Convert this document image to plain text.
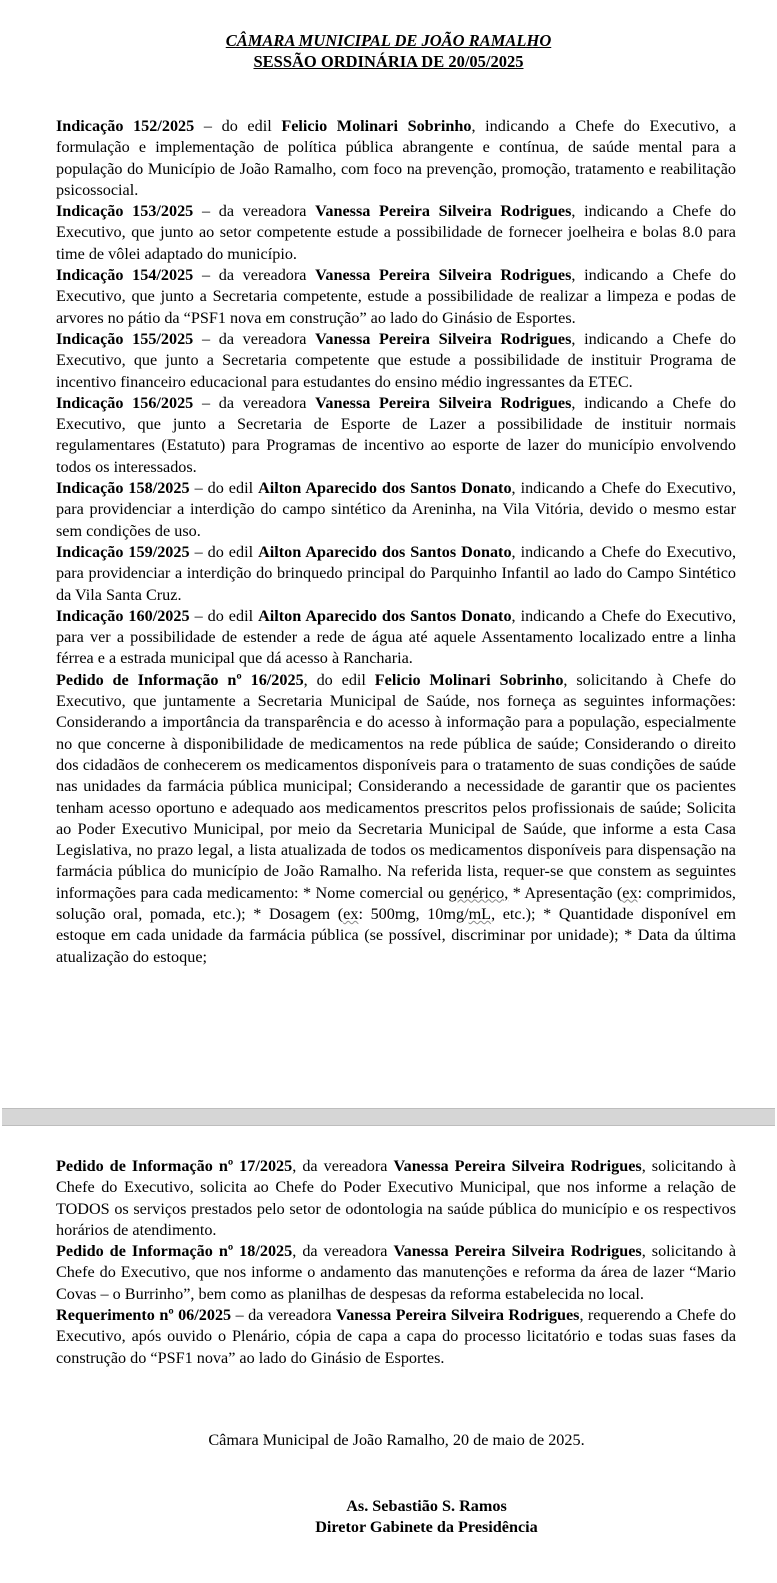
CÂMARA MUNICIPAL DE JOÃO RAMALHO
SESSÃO ORDINÁRIA DE 20/05/2025

Indicação 152/2025 – do edil Felicio Molinari Sobrinho, indicando a Chefe do Executivo, a formulação e implementação de política pública abrangente e contínua, de saúde mental para a população do Município de João Ramalho, com foco na prevenção, promoção, tratamento e reabilitação psicossocial.

Indicação 153/2025 – da vereadora Vanessa Pereira Silveira Rodrigues, indicando a Chefe do Executivo, que junto ao setor competente estude a possibilidade de fornecer joelheira e bolas 8.0 para time de vôlei adaptado do município.

Indicação 154/2025 – da vereadora Vanessa Pereira Silveira Rodrigues, indicando a Chefe do Executivo, que junto a Secretaria competente, estude a possibilidade de realizar a limpeza e podas de arvores no pátio da “PSF1 nova em construção” ao lado do Ginásio de Esportes.

Indicação 155/2025 – da vereadora Vanessa Pereira Silveira Rodrigues, indicando a Chefe do Executivo, que junto a Secretaria competente que estude a possibilidade de instituir Programa de incentivo financeiro educacional para estudantes do ensino médio ingressantes da ETEC.

Indicação 156/2025 – da vereadora Vanessa Pereira Silveira Rodrigues, indicando a Chefe do Executivo, que junto a Secretaria de Esporte de Lazer a possibilidade de instituir normais regulamentares (Estatuto) para Programas de incentivo ao esporte de lazer do município envolvendo todos os interessados.

Indicação 158/2025 – do edil Ailton Aparecido dos Santos Donato, indicando a Chefe do Executivo, para providenciar a interdição do campo sintético da Areninha, na Vila Vitória, devido o mesmo estar sem condições de uso.

Indicação 159/2025 – do edil Ailton Aparecido dos Santos Donato, indicando a Chefe do Executivo, para providenciar a interdição do brinquedo principal do Parquinho Infantil ao lado do Campo Sintético da Vila Santa Cruz.

Indicação 160/2025 – do edil Ailton Aparecido dos Santos Donato, indicando a Chefe do Executivo, para ver a possibilidade de estender a rede de água até aquele Assentamento localizado entre a linha férrea e a estrada municipal que dá acesso à Rancharia.

Pedido de Informação nº 16/2025, do edil Felicio Molinari Sobrinho, solicitando à Chefe do Executivo, que juntamente a Secretaria Municipal de Saúde, nos forneça as seguintes informações: Considerando a importância da transparência e do acesso à informação para a população, especialmente no que concerne à disponibilidade de medicamentos na rede pública de saúde; Considerando o direito dos cidadãos de conhecerem os medicamentos disponíveis para o tratamento de suas condições de saúde nas unidades da farmácia pública municipal; Considerando a necessidade de garantir que os pacientes tenham acesso oportuno e adequado aos medicamentos prescritos pelos profissionais de saúde; Solicita ao Poder Executivo Municipal, por meio da Secretaria Municipal de Saúde, que informe a esta Casa Legislativa, no prazo legal, a lista atualizada de todos os medicamentos disponíveis para dispensação na farmácia pública do município de João Ramalho. Na referida lista, requer-se que constem as seguintes informações para cada medicamento: * Nome comercial ou genérico, * Apresentação (ex: comprimidos, solução oral, pomada, etc.); * Dosagem (ex: 500mg, 10mg/mL, etc.); * Quantidade disponível em estoque em cada unidade da farmácia pública (se possível, discriminar por unidade); * Data da última atualização do estoque;

Pedido de Informação nº 17/2025, da vereadora Vanessa Pereira Silveira Rodrigues, solicitando à Chefe do Executivo, solicita ao Chefe do Poder Executivo Municipal, que nos informe a relação de TODOS os serviços prestados pelo setor de odontologia na saúde pública do município e os respectivos horários de atendimento.

Pedido de Informação nº 18/2025, da vereadora Vanessa Pereira Silveira Rodrigues, solicitando à Chefe do Executivo, que nos informe o andamento das manutenções e reforma da área de lazer “Mario Covas – o Burrinho”, bem como as planilhas de despesas da reforma estabelecida no local.

Requerimento nº 06/2025 – da vereadora Vanessa Pereira Silveira Rodrigues, requerendo a Chefe do Executivo, após ouvido o Plenário, cópia de capa a capa do processo licitatório e todas suas fases da construção do “PSF1 nova” ao lado do Ginásio de Esportes.

Câmara Municipal de João Ramalho, 20 de maio de 2025.
As. Sebastião S. Ramos
Diretor Gabinete da Presidência
